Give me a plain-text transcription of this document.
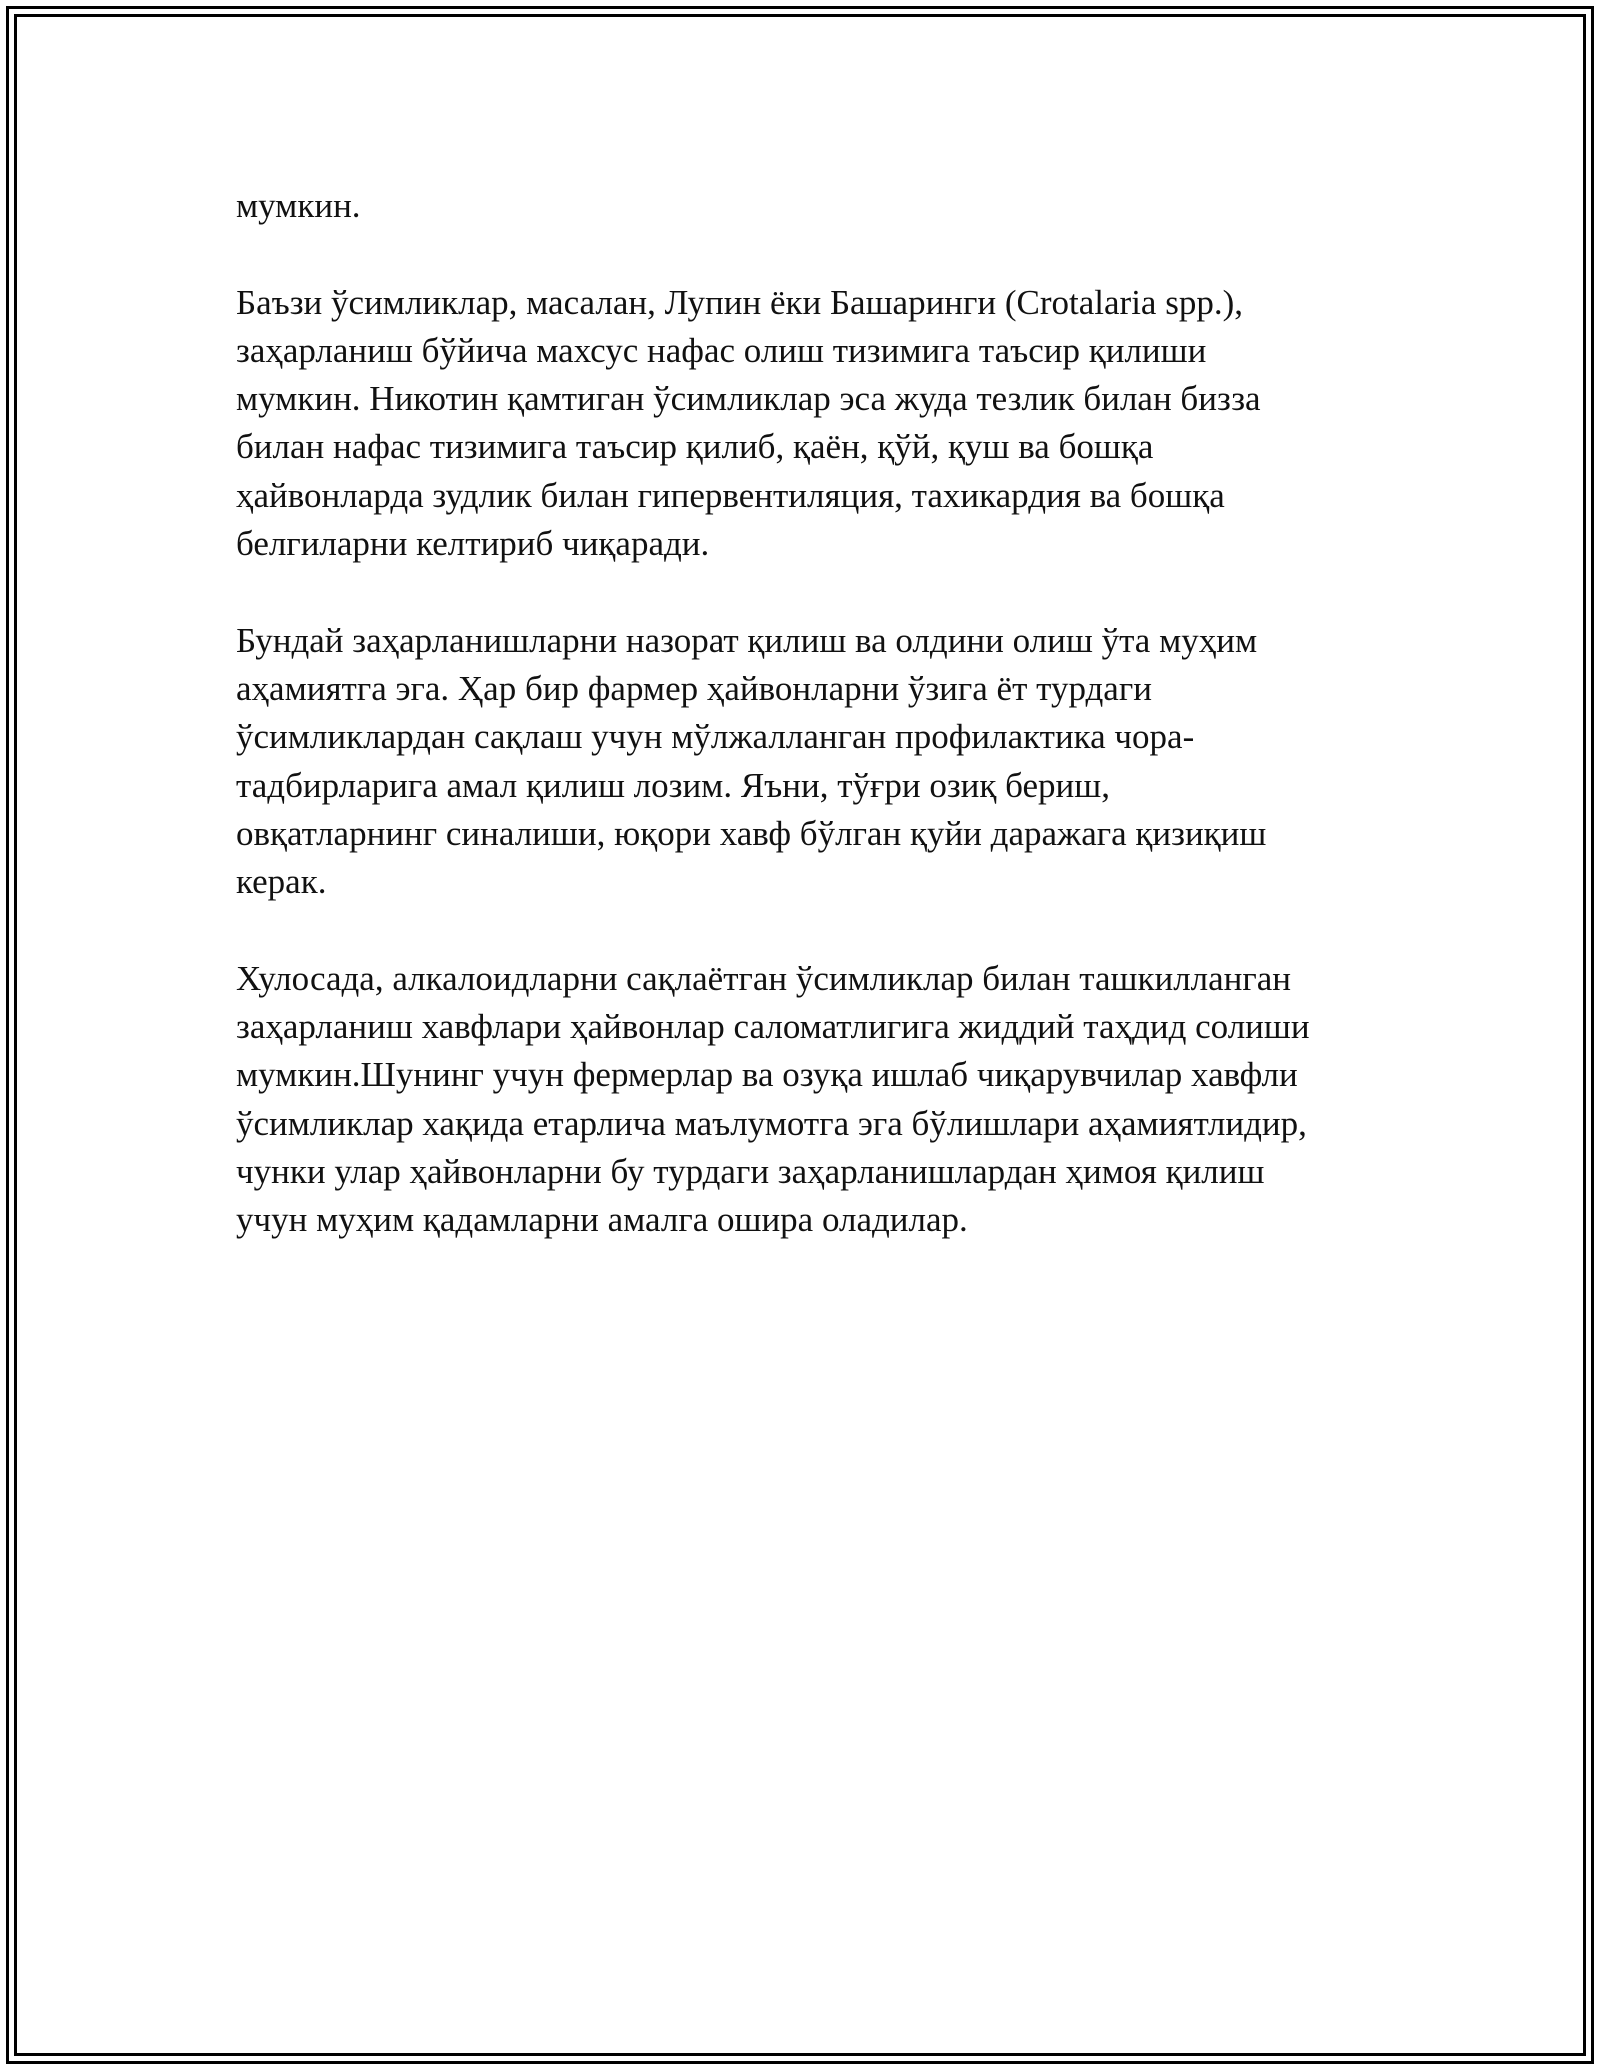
мумкин.
Баъзи ўсимликлар, масалан, Лупин ёки Башаринги (Crotalaria spp.),
заҳарланиш бўйича махсус нафас олиш тизимига таъсир қилиши
мумкин. Никотин қамтиган ўсимликлар эса жуда тезлик билан бизза
билан нафас тизимига таъсир қилиб, қаён, қўй, қуш ва бошқа
ҳайвонларда зудлик билан гипервентиляция, тахикардия ва бошқа
белгиларни келтириб чиқаради.
Бундай заҳарланишларни назорат қилиш ва олдини олиш ўта муҳим
аҳамиятга эга. Ҳар бир фармер ҳайвонларни ўзига ёт турдаги
ўсимликлардан сақлаш учун мўлжалланган профилактика чора-
тадбирларига амал қилиш лозим. Яъни, тўғри озиқ бериш,
овқатларнинг синалиши, юқори хавф бўлган қуйи даражага қизиқиш
керак.
Хулосада, алкалоидларни сақлаётган ўсимликлар билан ташкилланган
заҳарланиш хавфлари ҳайвонлар саломатлигига жиддий таҳдид солиши
мумкин.Шунинг учун фермерлар ва озуқа ишлаб чиқарувчилар хавфли
ўсимликлар хақида етарлича маълумотга эга бўлишлари аҳамиятлидир,
чунки улар ҳайвонларни бу турдаги заҳарланишлардан ҳимоя қилиш
учун муҳим қадамларни амалга ошира оладилар.
